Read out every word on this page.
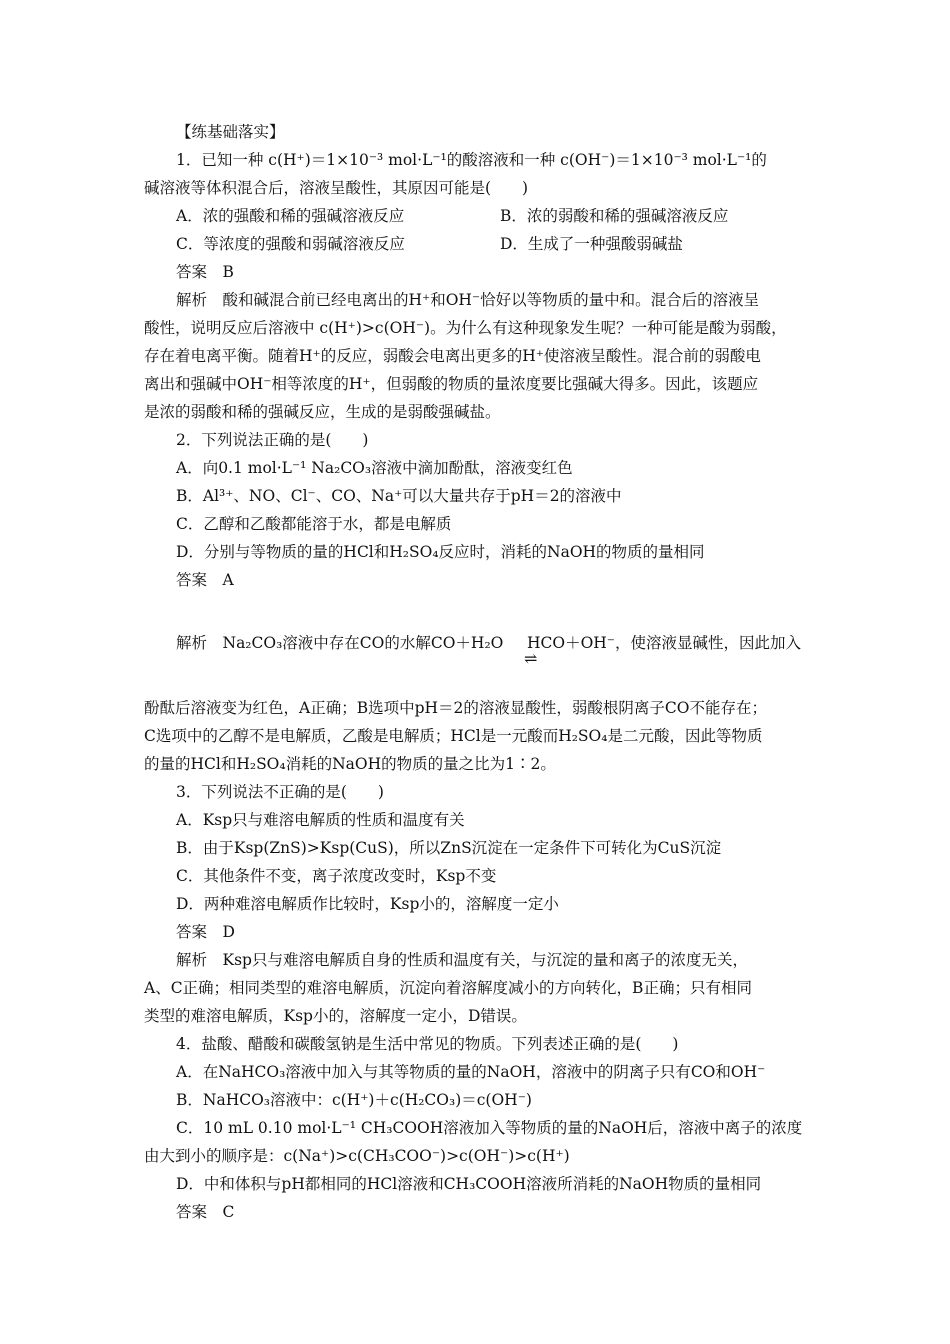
【练基础落实】
1．已知一种 c(H⁺)＝1×10⁻³ mol·L⁻¹的酸溶液和一种 c(OH⁻)＝1×10⁻³ mol·L⁻¹的
碱溶液等体积混合后，溶液呈酸性，其原因可能是(　　)
A．浓的强酸和稀的强碱溶液反应	B．浓的弱酸和稀的强碱溶液反应
C．等浓度的强酸和弱碱溶液反应	D．生成了一种强酸弱碱盐
答案　B
解析　酸和碱混合前已经电离出的H⁺和OH⁻恰好以等物质的量中和。混合后的溶液呈
酸性，说明反应后溶液中 c(H⁺)>c(OH⁻)。为什么有这种现象发生呢？一种可能是酸为弱酸，
存在着电离平衡。随着H⁺的反应，弱酸会电离出更多的H⁺使溶液呈酸性。混合前的弱酸电
离出和强碱中OH⁻相等浓度的H⁺，但弱酸的物质的量浓度要比强碱大得多。因此，该题应
是浓的弱酸和稀的强碱反应，生成的是弱酸强碱盐。
2．下列说法正确的是(　　)
A．向0.1 mol·L⁻¹ Na₂CO₃溶液中滴加酚酞，溶液变红色
B．Al³⁺、NO、Cl⁻、CO、Na⁺可以大量共存于pH＝2的溶液中
C．乙醇和乙酸都能溶于水，都是电解质
D．分别与等物质的量的HCl和H₂SO₄反应时，消耗的NaOH的物质的量相同
答案　A
解析　Na₂CO₃溶液中存在CO的水解CO＋H₂O HCO＋OH⁻，使溶液显碱性，因此加入
⇌
酚酞后溶液变为红色，A正确；B选项中pH＝2的溶液显酸性，弱酸根阴离子CO不能存在；
C选项中的乙醇不是电解质，乙酸是电解质；HCl是一元酸而H₂SO₄是二元酸，因此等物质
的量的HCl和H₂SO₄消耗的NaOH的物质的量之比为1∶2。
3．下列说法不正确的是(　　)
A．Ksp只与难溶电解质的性质和温度有关
B．由于Ksp(ZnS)>Ksp(CuS)，所以ZnS沉淀在一定条件下可转化为CuS沉淀
C．其他条件不变，离子浓度改变时，Ksp不变
D．两种难溶电解质作比较时，Ksp小的，溶解度一定小
答案　D
解析　Ksp只与难溶电解质自身的性质和温度有关，与沉淀的量和离子的浓度无关，
A、C正确；相同类型的难溶电解质，沉淀向着溶解度减小的方向转化，B正确；只有相同
类型的难溶电解质，Ksp小的，溶解度一定小，D错误。
4．盐酸、醋酸和碳酸氢钠是生活中常见的物质。下列表述正确的是(　　)
A．在NaHCO₃溶液中加入与其等物质的量的NaOH，溶液中的阴离子只有CO和OH⁻
B．NaHCO₃溶液中：c(H⁺)＋c(H₂CO₃)＝c(OH⁻)
C．10 mL 0.10 mol·L⁻¹ CH₃COOH溶液加入等物质的量的NaOH后，溶液中离子的浓度
由大到小的顺序是：c(Na⁺)>c(CH₃COO⁻)>c(OH⁻)>c(H⁺)
D．中和体积与pH都相同的HCl溶液和CH₃COOH溶液所消耗的NaOH物质的量相同
答案　C
